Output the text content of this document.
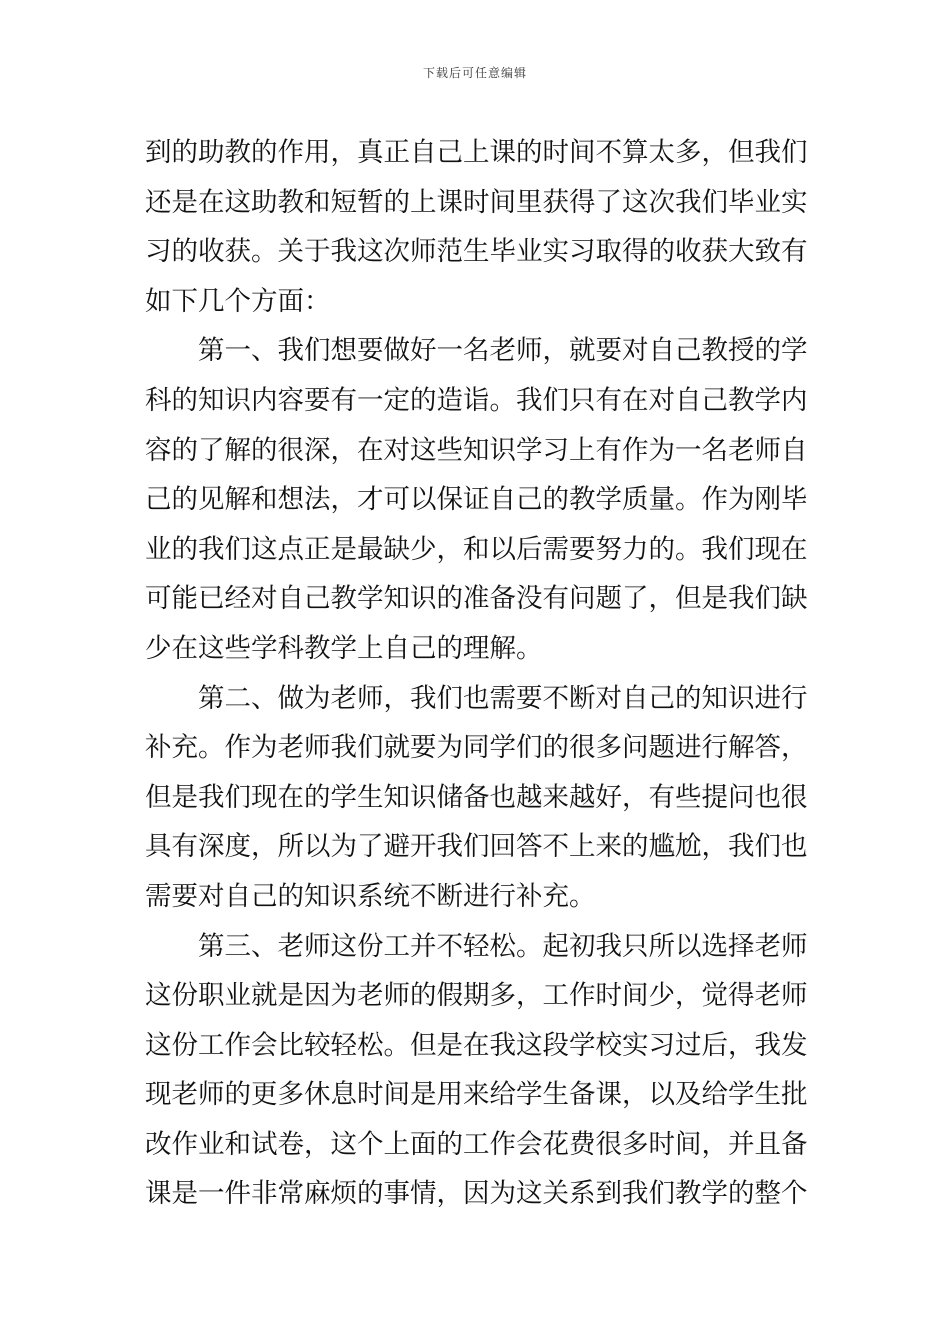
下载后可任意编辑
到的助教的作用，真正自己上课的时间不算太多，但我们
还是在这助教和短暂的上课时间里获得了这次我们毕业实
习的收获。关于我这次师范生毕业实习取得的收获大致有
如下几个方面：
　　第一、我们想要做好一名老师，就要对自己教授的学
科的知识内容要有一定的造诣。我们只有在对自己教学内
容的了解的很深，在对这些知识学习上有作为一名老师自
己的见解和想法，才可以保证自己的教学质量。作为刚毕
业的我们这点正是最缺少，和以后需要努力的。我们现在
可能已经对自己教学知识的准备没有问题了，但是我们缺
少在这些学科教学上自己的理解。
　　第二、做为老师，我们也需要不断对自己的知识进行
补充。作为老师我们就要为同学们的很多问题进行解答，
但是我们现在的学生知识储备也越来越好，有些提问也很
具有深度，所以为了避开我们回答不上来的尴尬，我们也
需要对自己的知识系统不断进行补充。
　　第三、老师这份工并不轻松。起初我只所以选择老师
这份职业就是因为老师的假期多，工作时间少，觉得老师
这份工作会比较轻松。但是在我这段学校实习过后，我发
现老师的更多休息时间是用来给学生备课，以及给学生批
改作业和试卷，这个上面的工作会花费很多时间，并且备
课是一件非常麻烦的事情，因为这关系到我们教学的整个
